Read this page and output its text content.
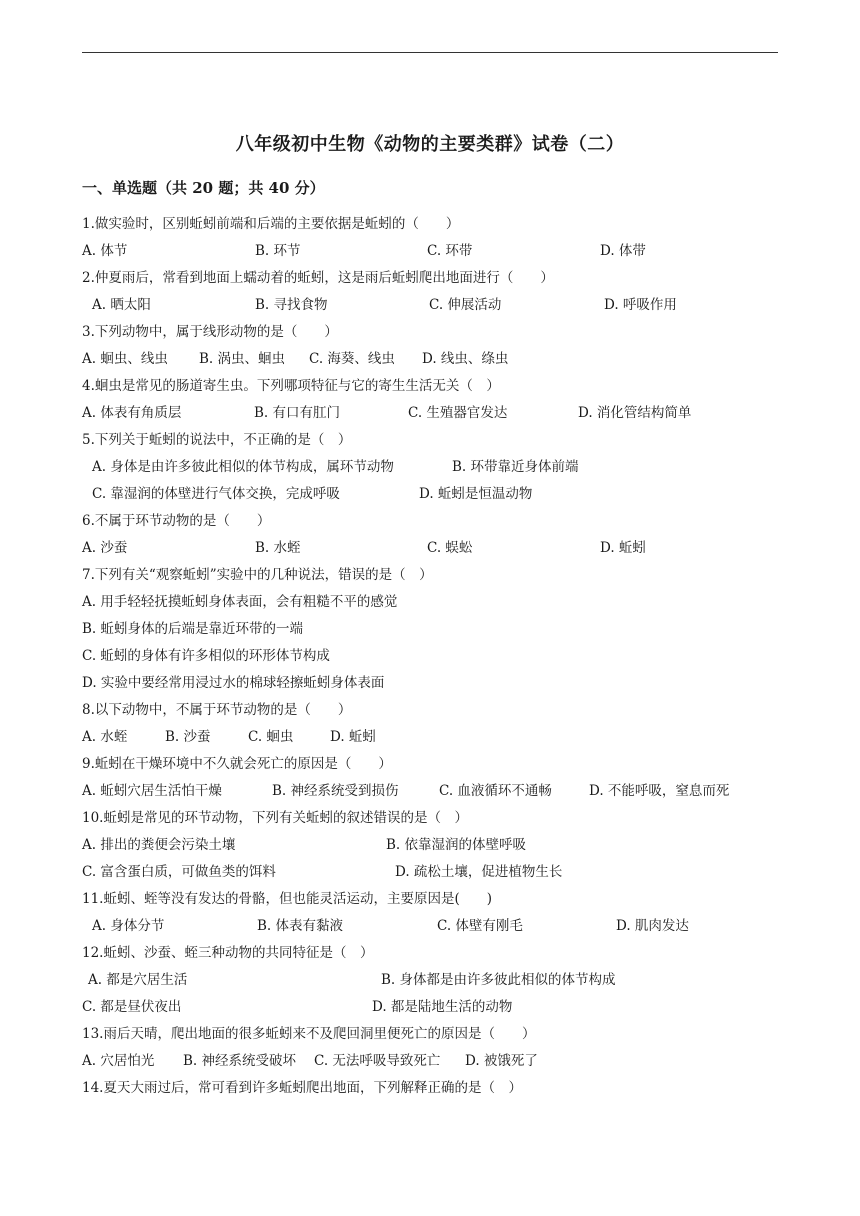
八年级初中生物《动物的主要类群》试卷（二）
一、单选题（共 20 题；共 40 分）
1.做实验时，区别蚯蚓前端和后端的主要依据是蚯蚓的（　　）
A. 体节	B. 环节	C. 环带	D. 体带
2.仲夏雨后，常看到地面上蠕动着的蚯蚓，这是雨后蚯蚓爬出地面进行（　　）
A. 晒太阳	B. 寻找食物	C. 伸展活动	D. 呼吸作用
3.下列动物中，属于线形动物的是（　　）
A. 蛔虫、线虫 B. 涡虫、蛔虫 C. 海葵、线虫 D. 线虫、绦虫
4.蛔虫是常见的肠道寄生虫。下列哪项特征与它的寄生生活无关（　）
A. 体表有角质层	B. 有口有肛门	C. 生殖器官发达	D. 消化管结构简单
5.下列关于蚯蚓的说法中，不正确的是（　）
A. 身体是由许多彼此相似的体节构成，属环节动物	B. 环带靠近身体前端
C. 靠湿润的体壁进行气体交换，完成呼吸	D. 蚯蚓是恒温动物
6.不属于环节动物的是（　　）
A. 沙蚕	B. 水蛭	C. 蜈蚣	D. 蚯蚓
7.下列有关“观察蚯蚓”实验中的几种说法，错误的是（　）
A. 用手轻轻抚摸蚯蚓身体表面，会有粗糙不平的感觉
B. 蚯蚓身体的后端是靠近环带的一端
C. 蚯蚓的身体有许多相似的环形体节构成
D. 实验中要经常用浸过水的棉球轻擦蚯蚓身体表面
8.以下动物中，不属于环节动物的是（　　）
A. 水蛭	B. 沙蚕	C. 蛔虫	D. 蚯蚓
9.蚯蚓在干燥环境中不久就会死亡的原因是（　　）
A. 蚯蚓穴居生活怕干燥	B. 神经系统受到损伤	C. 血液循环不通畅	D. 不能呼吸，窒息而死
10.蚯蚓是常见的环节动物，下列有关蚯蚓的叙述错误的是（　）
A. 排出的粪便会污染土壤	B. 依靠湿润的体壁呼吸
C. 富含蛋白质，可做鱼类的饵料	D. 疏松土壤，促进植物生长
11.蚯蚓、蛭等没有发达的骨骼，但也能灵活运动，主要原因是(　　)
A. 身体分节	B. 体表有黏液	C. 体壁有刚毛	D. 肌肉发达
12.蚯蚓、沙蚕、蛭三种动物的共同特征是（　）
A. 都是穴居生活	B. 身体都是由许多彼此相似的体节构成
C. 都是昼伏夜出	D. 都是陆地生活的动物
13.雨后天晴，爬出地面的很多蚯蚓来不及爬回洞里便死亡的原因是（　　）
A. 穴居怕光 B. 神经系统受破坏 C. 无法呼吸导致死亡 D. 被饿死了
14.夏天大雨过后，常可看到许多蚯蚓爬出地面，下列解释正确的是（　）
